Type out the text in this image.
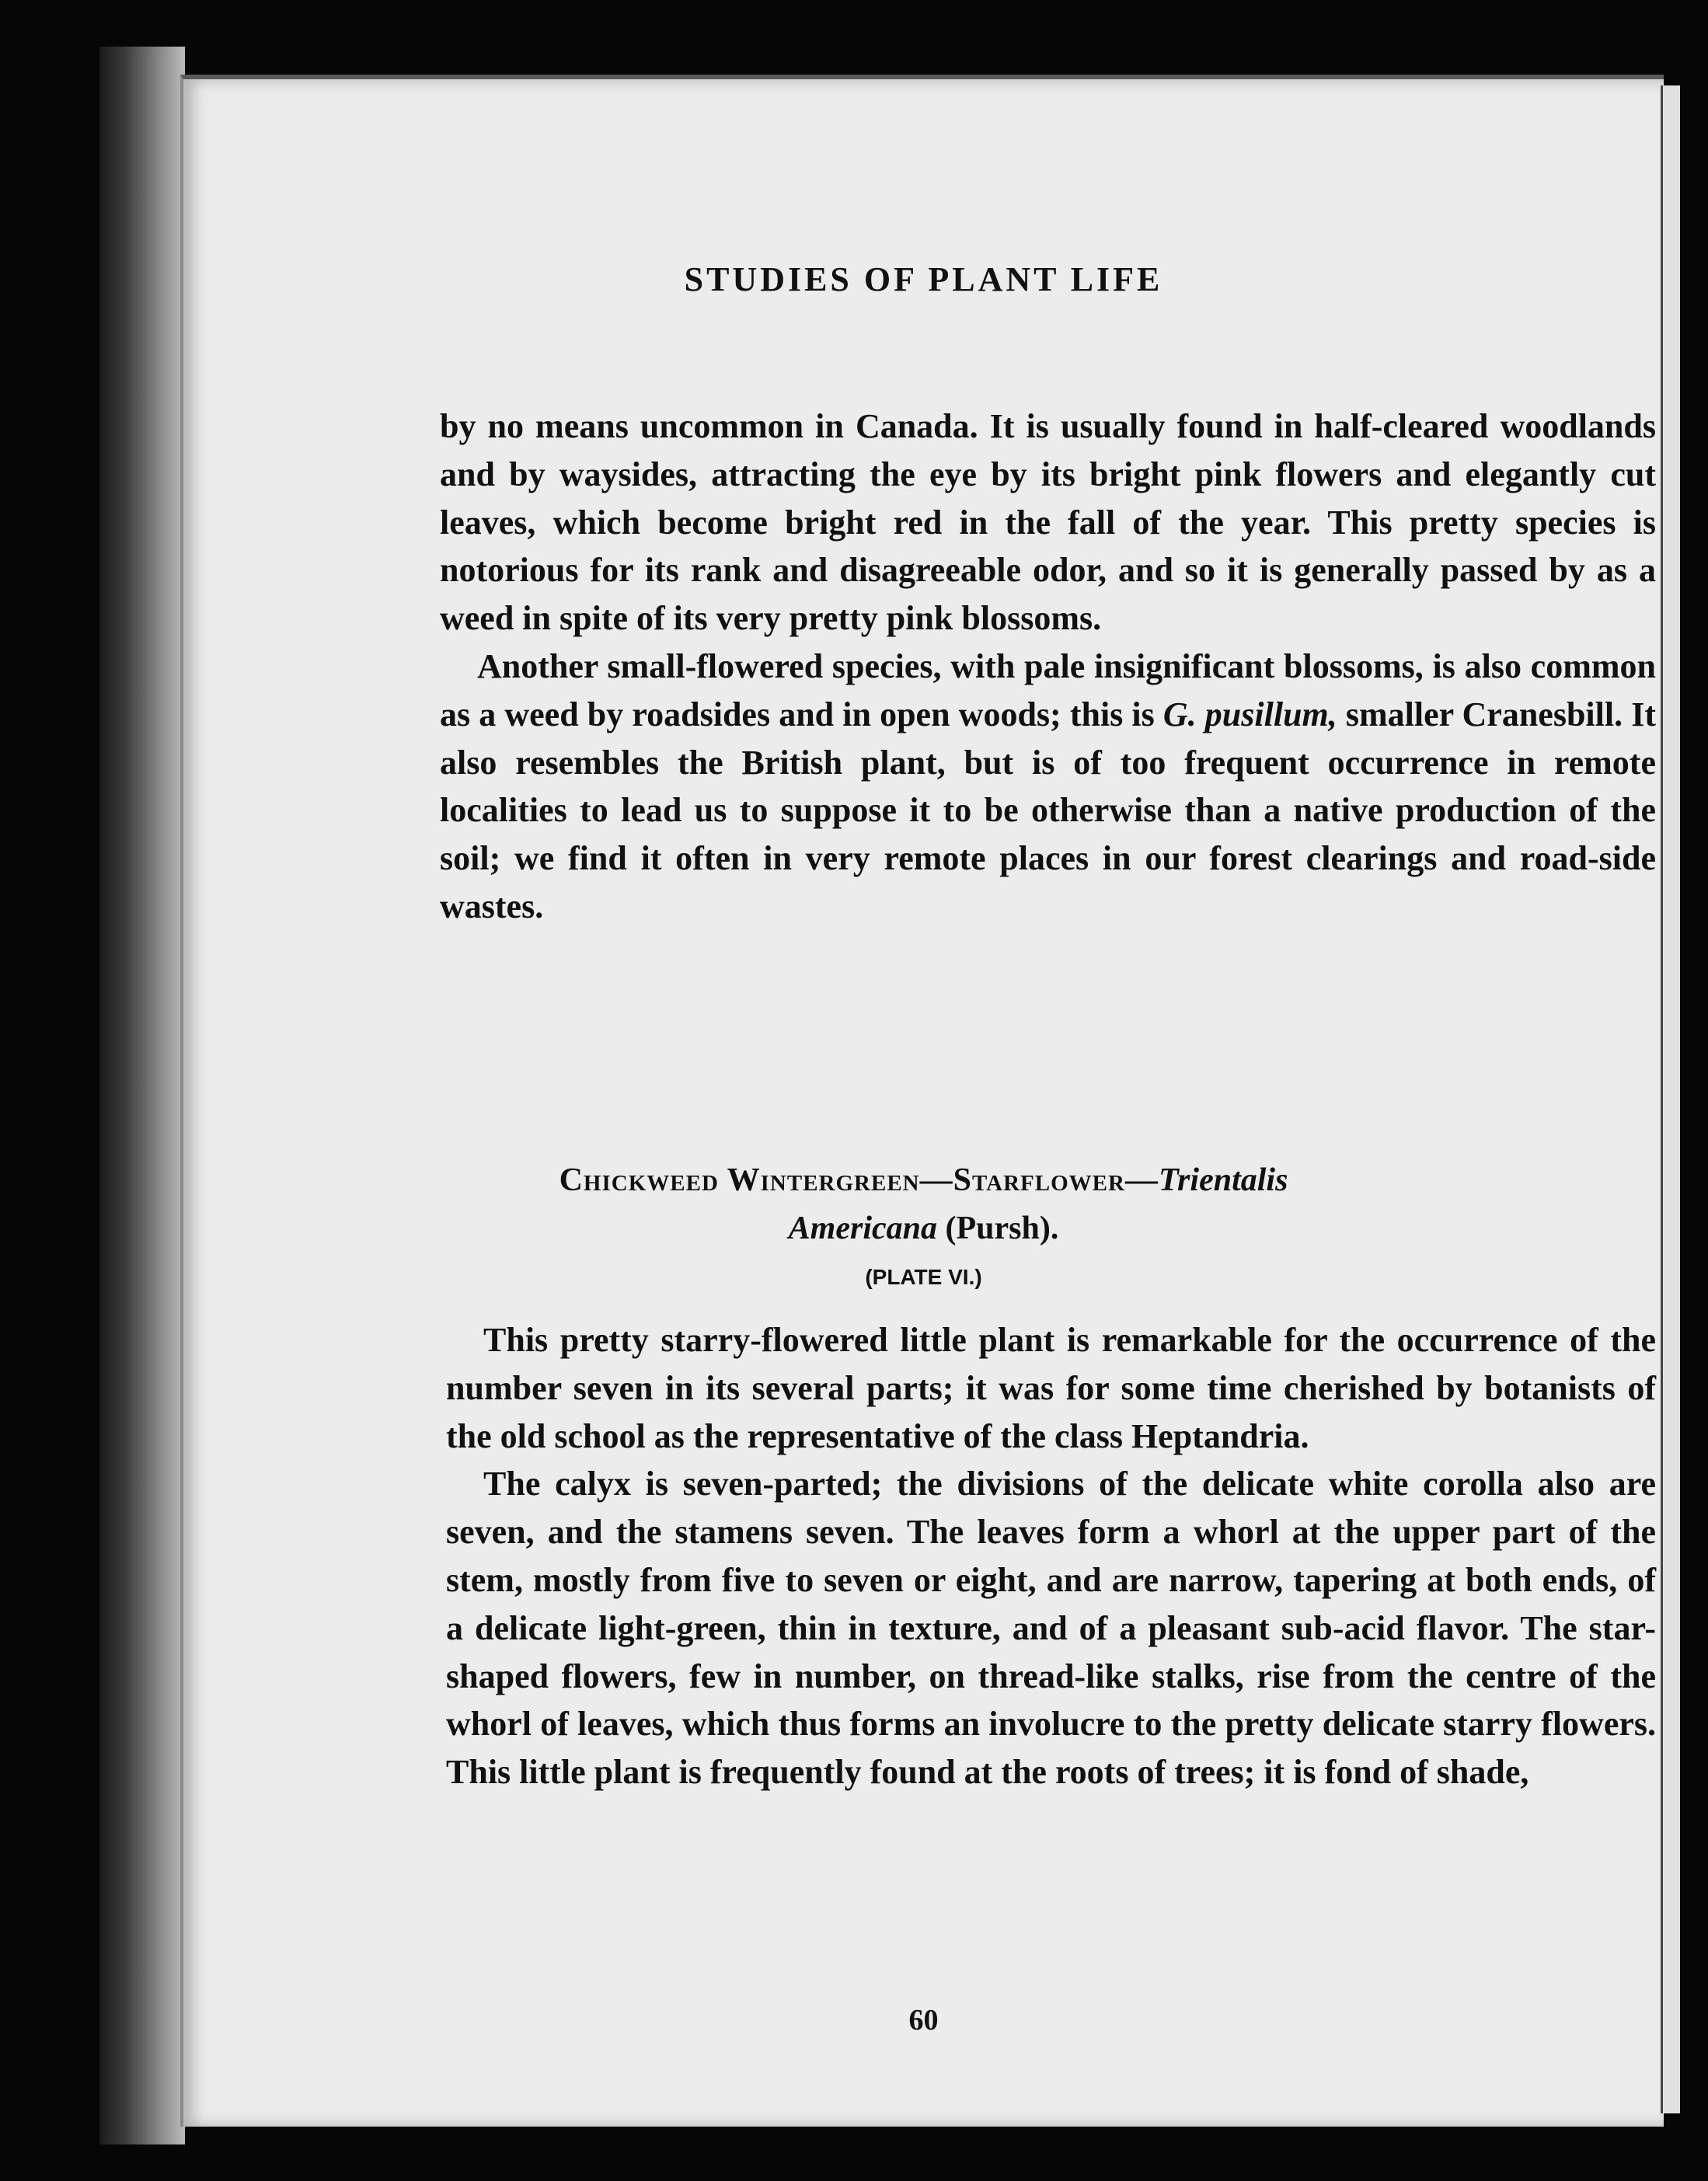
STUDIES OF PLANT LIFE

by no means uncommon in Canada. It is usually found in half-cleared woodlands and by waysides, attracting the eye by its bright pink flowers and elegantly cut leaves, which become bright red in the fall of the year. This pretty species is notorious for its rank and disagreeable odor, and so it is generally passed by as a weed in spite of its very pretty pink blossoms.

Another small-flowered species, with pale insignificant blossoms, is also common as a weed by roadsides and in open woods; this is G. pusillum, smaller Cranesbill. It also resembles the British plant, but is of too frequent occurrence in remote localities to lead us to suppose it to be otherwise than a native production of the soil; we find it often in very remote places in our forest clearings and road-side wastes.

Chickweed Wintergreen—Starflower—Trientalis
Americana (Pursh).
(PLATE VI.)

This pretty starry-flowered little plant is remarkable for the occurrence of the number seven in its several parts; it was for some time cherished by botanists of the old school as the representative of the class Heptandria.

The calyx is seven-parted; the divisions of the delicate white corolla also are seven, and the stamens seven. The leaves form a whorl at the upper part of the stem, mostly from five to seven or eight, and are narrow, tapering at both ends, of a delicate light-green, thin in texture, and of a pleasant sub-acid flavor. The star-shaped flowers, few in number, on thread-like stalks, rise from the centre of the whorl of leaves, which thus forms an involucre to the pretty delicate starry flowers. This little plant is frequently found at the roots of trees; it is fond of shade,

60
